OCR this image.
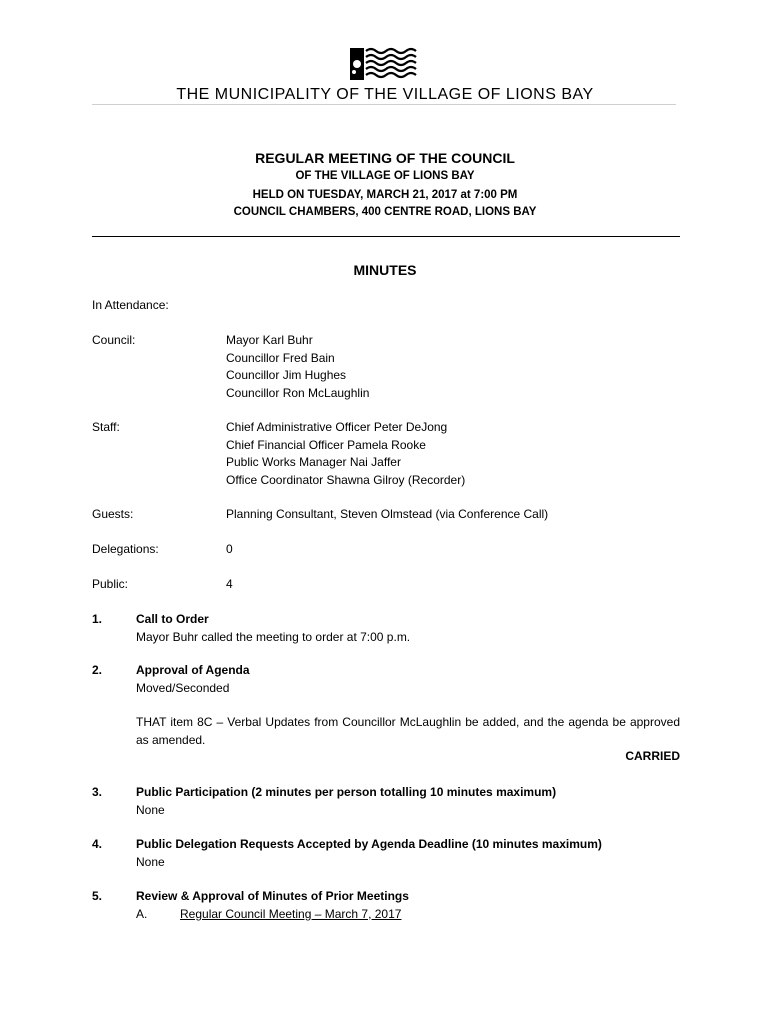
THE MUNICIPALITY OF THE VILLAGE OF LIONS BAY
REGULAR MEETING OF THE COUNCIL
OF THE VILLAGE OF LIONS BAY
HELD ON TUESDAY, MARCH 21, 2017 at 7:00 PM
COUNCIL CHAMBERS, 400 CENTRE ROAD, LIONS BAY
MINUTES
In Attendance:
Council:	Mayor Karl Buhr
Councillor Fred Bain
Councillor Jim Hughes
Councillor Ron McLaughlin
Staff:	Chief Administrative Officer Peter DeJong
Chief Financial Officer Pamela Rooke
Public Works Manager Nai Jaffer
Office Coordinator Shawna Gilroy (Recorder)
Guests:	Planning Consultant, Steven Olmstead (via Conference Call)
Delegations:	0
Public:	4
1.	Call to Order
Mayor Buhr called the meeting to order at 7:00 p.m.
2.	Approval of Agenda
Moved/Seconded
THAT item 8C – Verbal Updates from Councillor McLaughlin be added, and the agenda be approved as amended.
CARRIED
3.	Public Participation (2 minutes per person totalling 10 minutes maximum)
None
4.	Public Delegation Requests Accepted by Agenda Deadline (10 minutes maximum)
None
5.	Review & Approval of Minutes of Prior Meetings
A.	Regular Council Meeting – March 7, 2017
